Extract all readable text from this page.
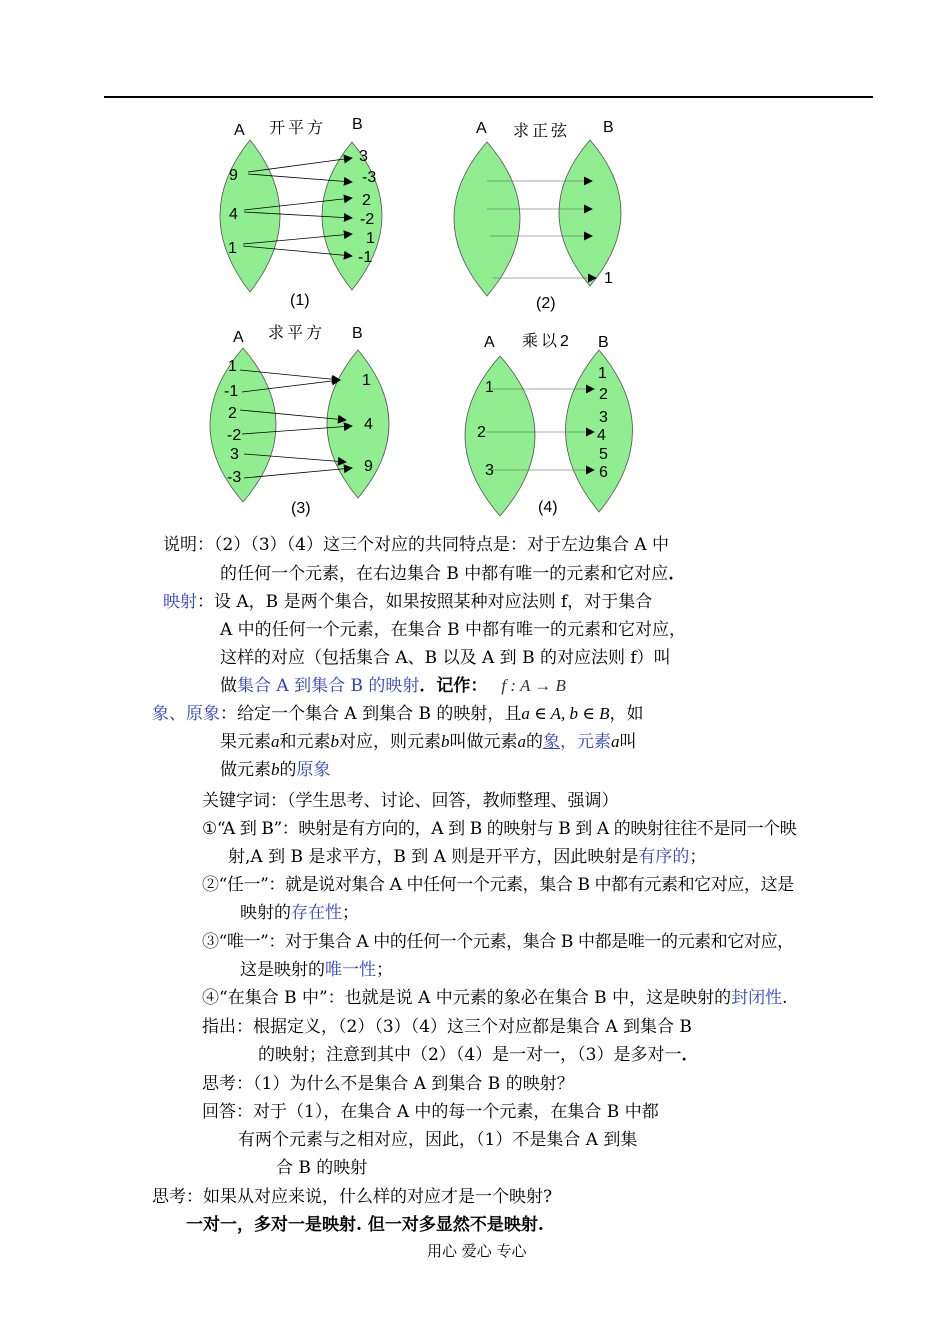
A 开平方 B
9
4
1
3
-3
2
-2
1
-1
(1)
A 求正弦 B
1
(2)
A 求平方 B
1
-1
2
-2
3
-3
1
4
9
(3)
A 乘以2 B
1
2
3
1
2
3
4
5
6
(4)
说明：（2）（3）（4）这三个对应的共同特点是：对于左边集合 A 中
的任何一个元素，在右边集合 B 中都有唯一的元素和它对应．
映射：设 A，B 是两个集合，如果按照某种对应法则 f，对于集合
A 中的任何一个元素，在集合 B 中都有唯一的元素和它对应，
这样的对应（包括集合 A、B 以及 A 到 B 的对应法则 f）叫
做集合 A 到集合 B 的映射．记作： f : A → B
象、原象：给定一个集合 A 到集合 B 的映射，且a ∈ A, b ∈ B，如
果元素a和元素b对应，则元素b叫做元素a的象，元素a叫
做元素b的原象
关键字词：（学生思考、讨论、回答，教师整理、强调）
①“A 到 B”：映射是有方向的，A 到 B 的映射与 B 到 A 的映射往往不是同一个映
射,A 到 B 是求平方，B 到 A 则是开平方，因此映射是有序的；
②“任一”：就是说对集合 A 中任何一个元素，集合 B 中都有元素和它对应，这是
映射的存在性；
③“唯一”：对于集合 A 中的任何一个元素，集合 B 中都是唯一的元素和它对应，
这是映射的唯一性；
④“在集合 B 中”：也就是说 A 中元素的象必在集合 B 中，这是映射的封闭性.
指出：根据定义，（2）（3）（4）这三个对应都是集合 A 到集合 B
的映射；注意到其中（2）（4）是一对一，（3）是多对一．
思考：（1）为什么不是集合 A 到集合 B 的映射？
回答：对于（1），在集合 A 中的每一个元素，在集合 B 中都
有两个元素与之相对应，因此，（1）不是集合 A 到集
合 B 的映射
思考：如果从对应来说，什么样的对应才是一个映射?
一对一，多对一是映射. 但一对多显然不是映射.
用心 爱心 专心
